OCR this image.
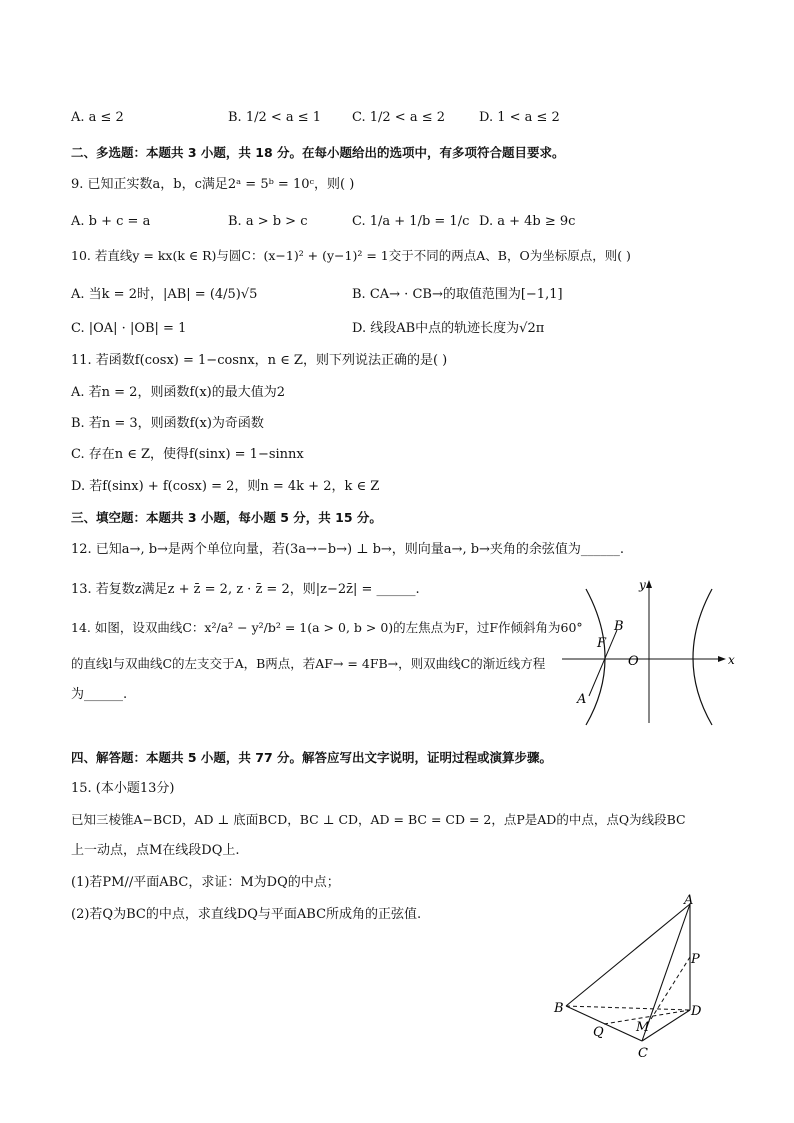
A. a ≤ 2	B. 1/2 < a ≤ 1 C. 1/2 < a ≤ 2	D. 1 < a ≤ 2
二、多选题：本题共 3 小题，共 18 分。在每小题给出的选项中，有多项符合题目要求。
9. 已知正实数a，b，c满足2ᵃ = 5ᵇ = 10ᶜ，则( )
A. b + c = a	B. a > b > c	C. 1/a + 1/b = 1/c D. a + 4b ≥ 9c
10. 若直线y = kx(k ∈ R)与圆C：(x−1)² + (y−1)² = 1交于不同的两点A、B，O为坐标原点，则( )
A. 当k = 2时，|AB| = (4/5)√5	B. CA→ · CB→的取值范围为[−1,1]
C. |OA| · |OB| = 1	D. 线段AB中点的轨迹长度为√2π
11. 若函数f(cosx) = 1−cosnx，n ∈ Z，则下列说法正确的是( )
A. 若n = 2，则函数f(x)的最大值为2
B. 若n = 3，则函数f(x)为奇函数
C. 存在n ∈ Z，使得f(sinx) = 1−sinnx
D. 若f(sinx) + f(cosx) = 2，则n = 4k + 2，k ∈ Z
三、填空题：本题共 3 小题，每小题 5 分，共 15 分。
12. 已知a→, b→是两个单位向量，若(3a→−b→) ⊥ b→，则向量a→, b→夹角的余弦值为______.
13. 若复数z满足z + z̄ = 2, z · z̄ = 2，则|z−2z̄| = ______.
14. 如图，设双曲线C：x²/a² − y²/b² = 1(a > 0, b > 0)的左焦点为F，过F作倾斜角为60°
的直线l与双曲线C的左支交于A，B两点，若AF→ = 4FB→，则双曲线C的渐近线方程
为______.
O	x
y
B
F
A
四、解答题：本题共 5 小题，共 77 分。解答应写出文字说明，证明过程或演算步骤。
15. (本小题13分)
已知三棱锥A−BCD，AD ⊥ 底面BCD，BC ⊥ CD，AD = BC = CD = 2，点P是AD的中点，点Q为线段BC
上一动点，点M在线段DQ上.
(1)若PM//平面ABC，求证：M为DQ的中点；
(2)若Q为BC的中点，求直线DQ与平面ABC所成角的正弦值.
A
B
C
D
P
Q M
